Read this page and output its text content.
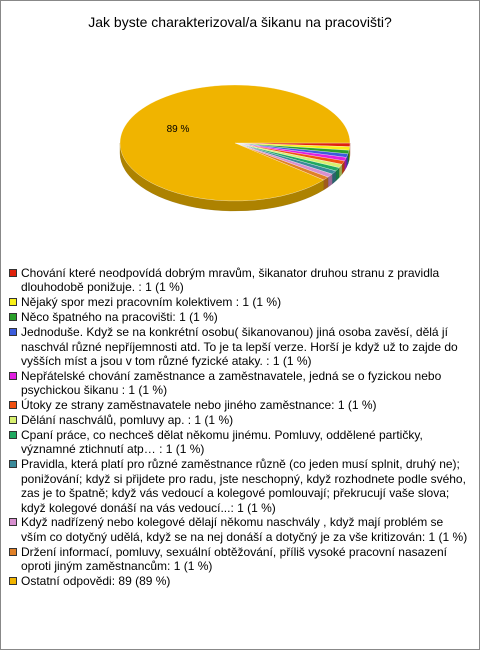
Jak byste charakterizoval/a šikanu na pracovišti?
89 %
Chování které neodpovídá dobrým mravům, šikanator druhou stranu z pravidla dlouhodobě ponižuje. : 1 (1 %)
Nějaký spor mezi pracovním kolektivem : 1 (1 %)
Něco špatného na pracovišti: 1 (1 %)
Jednoduše. Když se na konkrétní osobu( šikanovanou) jiná osoba zavěsí, dělá jí naschvál různé nepříjemnosti atd. To je ta lepší verze. Horší je když už to zajde do vyšších míst a jsou v tom různé fyzické ataky. : 1 (1 %)
Nepřátelské chování zaměstnance a zaměstnavatele, jedná se o fyzickou nebo psychickou šikanu : 1 (1 %)
Útoky ze strany zaměstnavatele nebo jiného zaměstnance: 1 (1 %)
Dělání naschválů, pomluvy ap. : 1 (1 %)
Cpaní práce, co nechceš dělat někomu jinému. Pomluvy, oddělené partičky, významné ztichnutí atp… : 1 (1 %)
Pravidla, která platí pro různé zaměstnance různě (co jeden musí splnit, druhý ne); ponižování; když si přijdete pro radu, jste neschopný, když rozhodnete podle svého, zas je to špatně; když vás vedoucí a kolegové pomlouvají; překrucují vaše slova; když kolegové donáší na vás vedoucí...: 1 (1 %)
Když nadřízený nebo kolegové dělají někomu naschvály , když mají problém se vším co dotyčný udělá, když se na nej donáší a dotyčný je za vše kritizován: 1 (1 %)
Držení informací, pomluvy, sexuální obtěžování, příliš vysoké pracovní nasazení oproti jiným zaměstnancům: 1 (1 %)
Ostatní odpovědi: 89 (89 %)
